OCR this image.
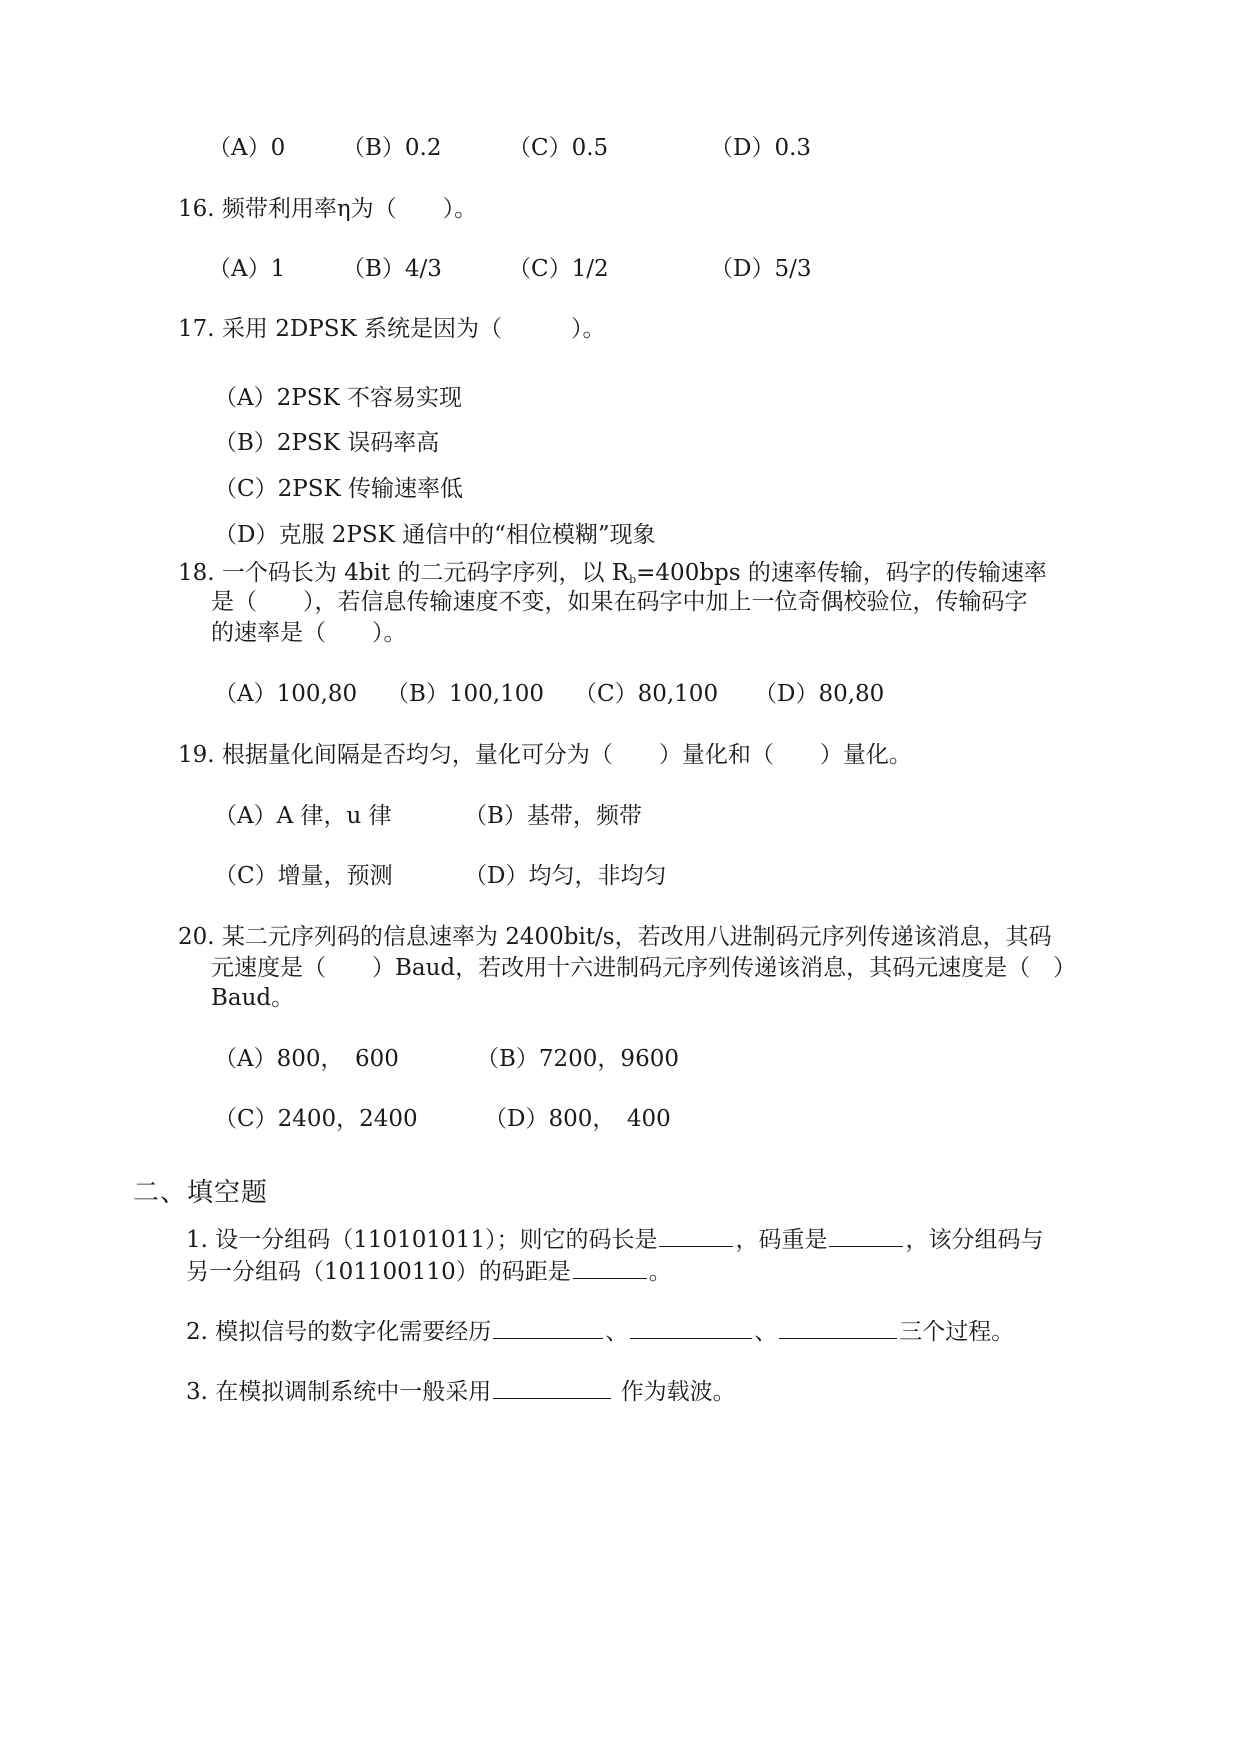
（A）0 （B）0.2	（C）0.5	（D）0.3
16. 频带利用率η为（　　）。
（A）1 （B）4/3	（C）1/2	（D）5/3
17. 采用 2DPSK 系统是因为（　　　）。
（A）2PSK 不容易实现
（B）2PSK 误码率高
（C）2PSK 传输速率低
（D）克服 2PSK 通信中的“相位模糊”现象
18. 一个码长为 4bit 的二元码字序列，以 $R_b=400bps$ 的速率传输，码字的传输速率
是（　　），若信息传输速度不变，如果在码字中加上一位奇偶校验位，传输码字
的速率是（　　）。
（A）100,80 （B）100,100 （C）80,100 （D）80,80
19. 根据量化间隔是否均匀，量化可分为（　　）量化和（　　）量化。
（A）A 律，u 律	（B）基带，频带
（C）增量，预测	（D）均匀，非均匀
20. 某二元序列码的信息速率为 2400bit/s，若改用八进制码元序列传递该消息，其码
元速度是（　　）Baud，若改用十六进制码元序列传递该消息，其码元速度是（　）
Baud。
（A）800，　600	（B）7200，9600
（C）2400，2400	（D）800，　400
二、填空题
1. 设一分组码（110101011）；则它的码长是	，码重是	，该分组码与
另一分组码（101100110）的码距是	。
2. 模拟信号的数字化需要经历	、	、	三个过程。
3. 在模拟调制系统中一般采用	作为载波。
